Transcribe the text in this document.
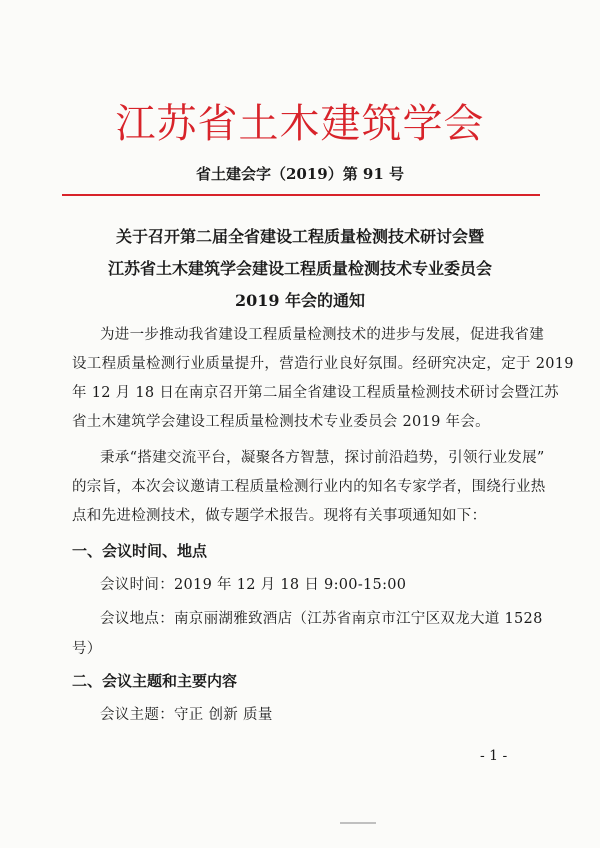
江苏省土木建筑学会
省土建会字（2019）第 91 号
关于召开第二届全省建设工程质量检测技术研讨会暨
江苏省土木建筑学会建设工程质量检测技术专业委员会
2019 年会的通知
为进一步推动我省建设工程质量检测技术的进步与发展，促进我省建
设工程质量检测行业质量提升，营造行业良好氛围。经研究决定，定于 2019
年 12 月 18 日在南京召开第二届全省建设工程质量检测技术研讨会暨江苏
省土木建筑学会建设工程质量检测技术专业委员会 2019 年会。
秉承“搭建交流平台，凝聚各方智慧，探讨前沿趋势，引领行业发展”
的宗旨，本次会议邀请工程质量检测行业内的知名专家学者，围绕行业热
点和先进检测技术，做专题学术报告。现将有关事项通知如下：
一、会议时间、地点
会议时间：2019 年 12 月 18 日 9:00-15:00
会议地点：南京丽湖雅致酒店（江苏省南京市江宁区双龙大道 1528
号）
二、会议主题和主要内容
会议主题：守正 创新 质量
- 1 -
